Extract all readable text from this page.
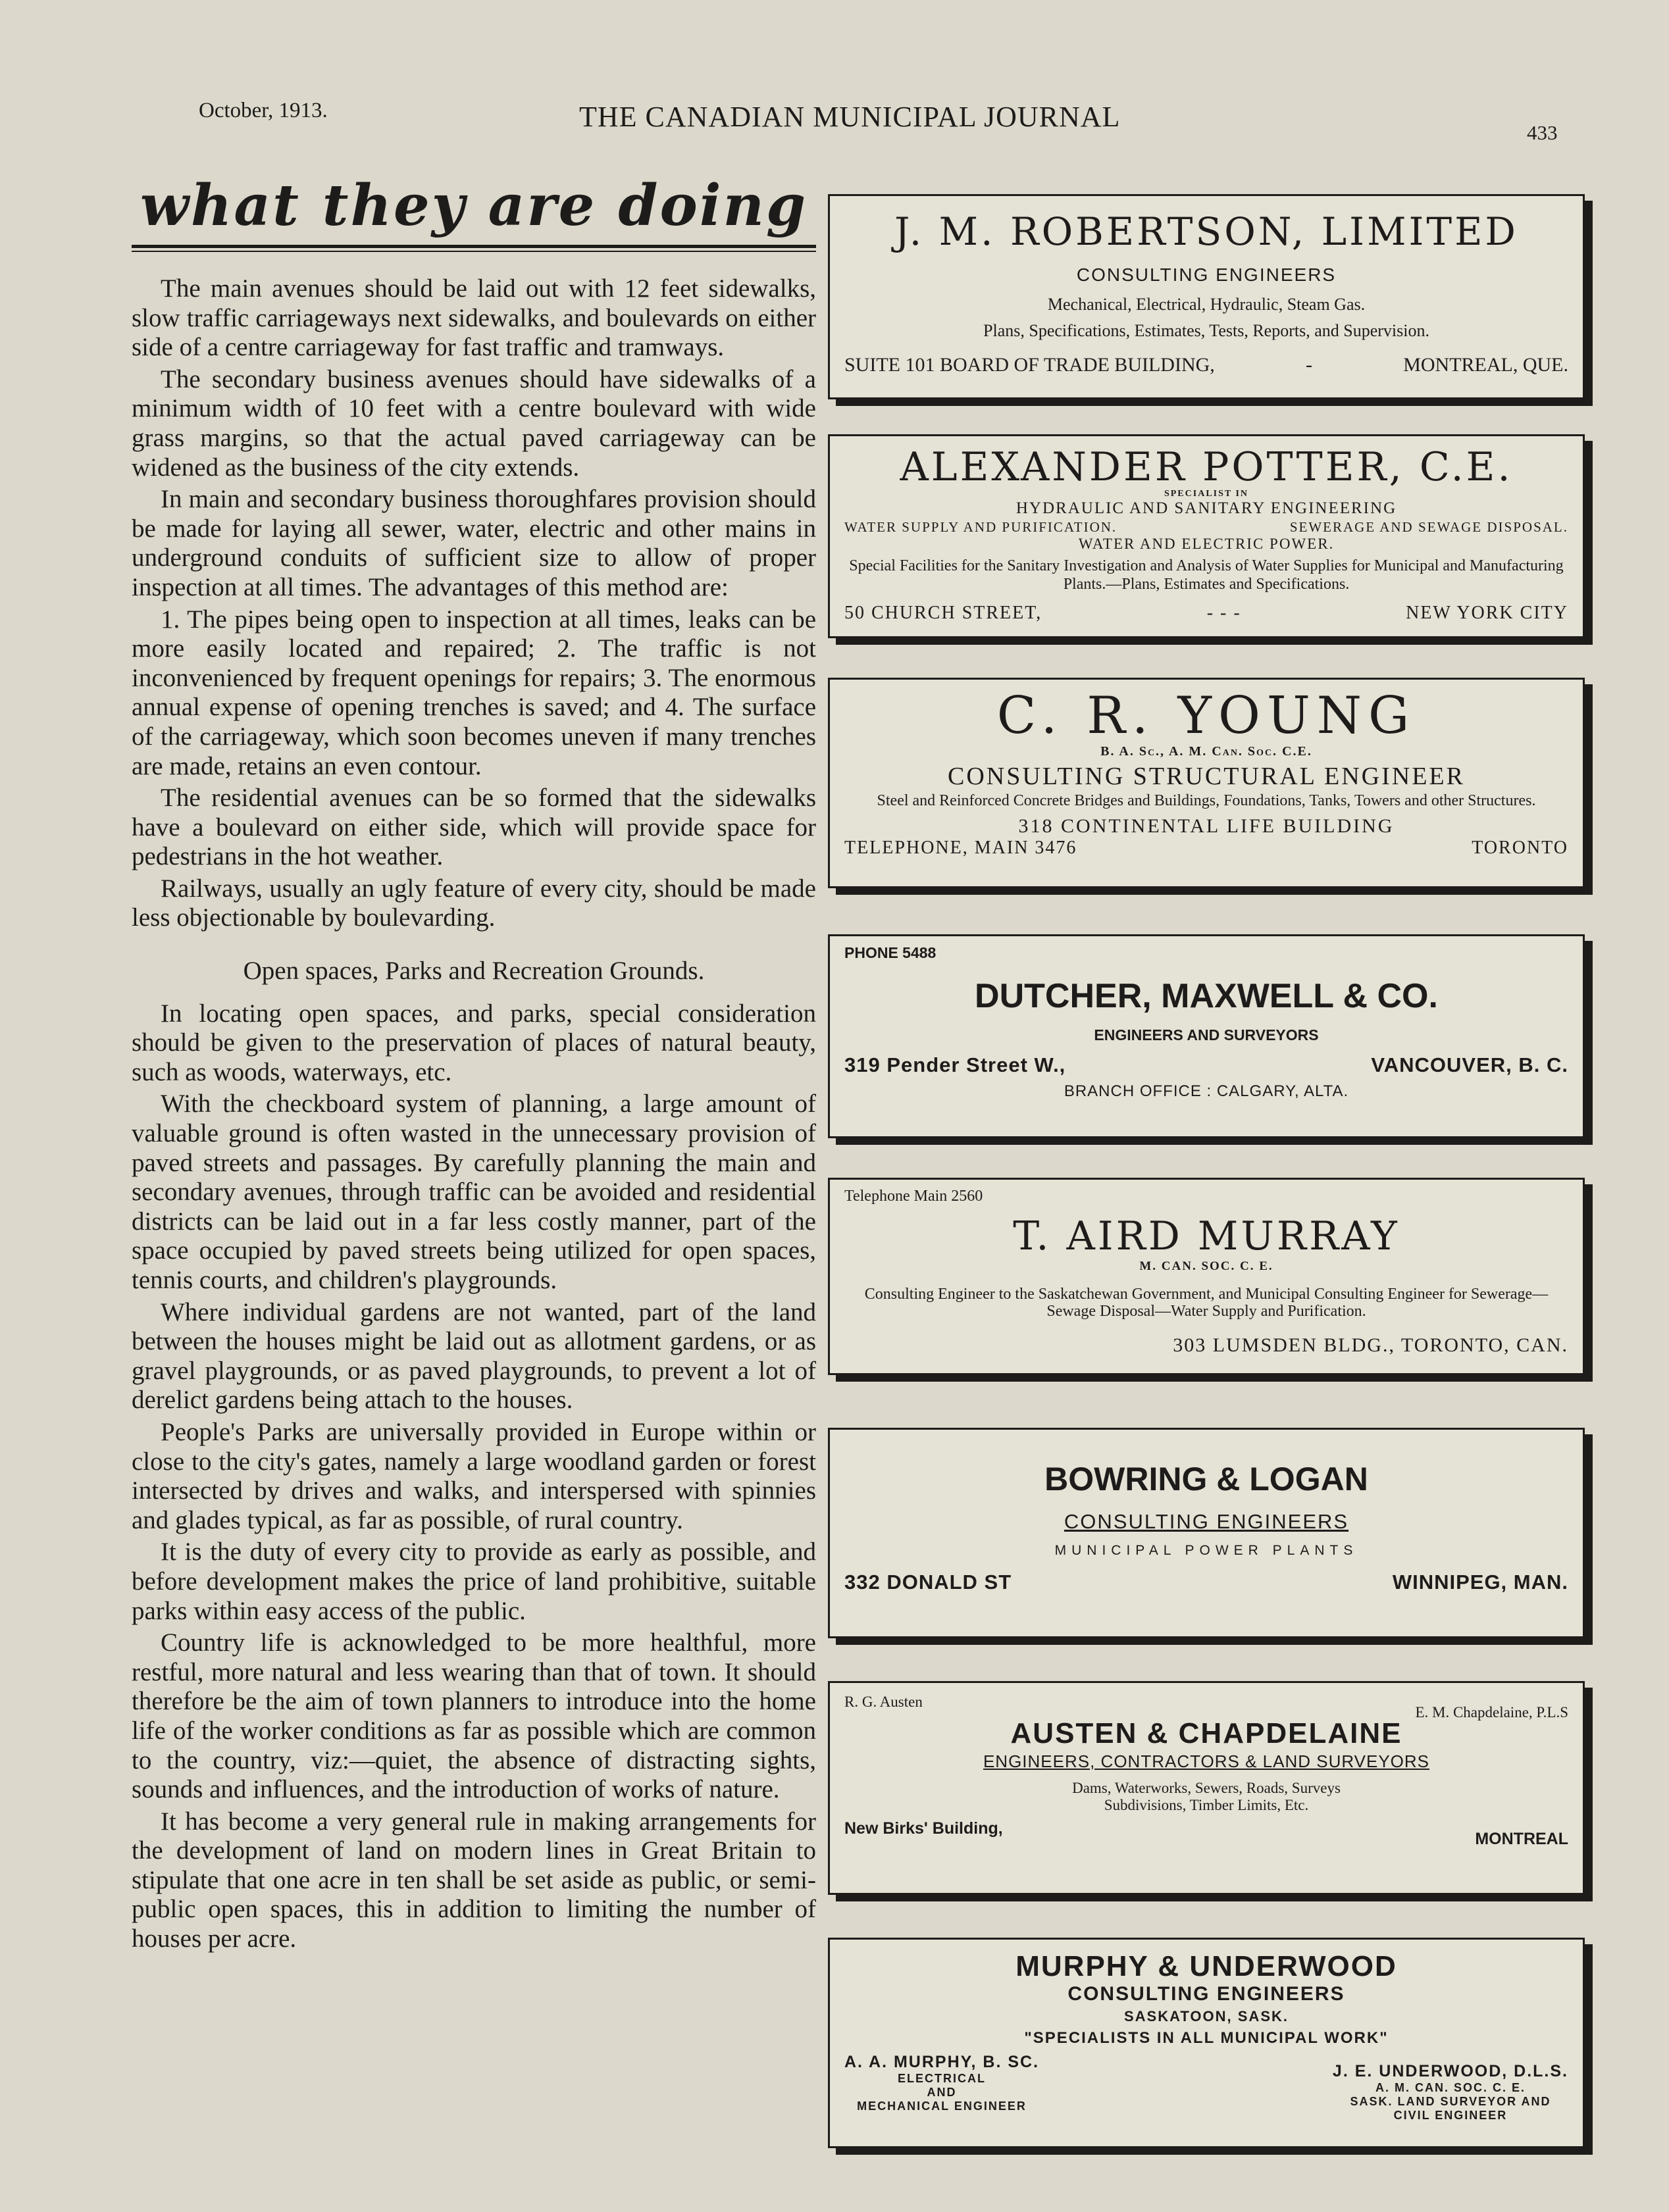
October, 1913.	THE CANADIAN MUNICIPAL JOURNAL	433
what they are doing

The main avenues should be laid out with 12 feet sidewalks, slow traffic carriageways next sidewalks, and boulevards on either side of a centre carriageway for fast traffic and tramways.

The secondary business avenues should have sidewalks of a minimum width of 10 feet with a centre boulevard with wide grass margins, so that the actual paved carriageway can be widened as the business of the city extends.

In main and secondary business thoroughfares provision should be made for laying all sewer, water, electric and other mains in underground conduits of sufficient size to allow of proper inspection at all times. The advantages of this method are:

1. The pipes being open to inspection at all times, leaks can be more easily located and repaired; 2. The traffic is not inconvenienced by frequent openings for repairs; 3. The enormous annual expense of opening trenches is saved; and 4. The surface of the carriageway, which soon becomes uneven if many trenches are made, retains an even contour.

The residential avenues can be so formed that the sidewalks have a boulevard on either side, which will provide space for pedestrians in the hot weather.

Railways, usually an ugly feature of every city, should be made less objectionable by boulevarding.

Open spaces, Parks and Recreation Grounds.

In locating open spaces, and parks, special consideration should be given to the preservation of places of natural beauty, such as woods, waterways, etc.

With the checkboard system of planning, a large amount of valuable ground is often wasted in the unnecessary provision of paved streets and passages. By carefully planning the main and secondary avenues, through traffic can be avoided and residential districts can be laid out in a far less costly manner, part of the space occupied by paved streets being utilized for open spaces, tennis courts, and children's playgrounds.

Where individual gardens are not wanted, part of the land between the houses might be laid out as allotment gardens, or as gravel playgrounds, or as paved playgrounds, to prevent a lot of derelict gardens being attach to the houses.

People's Parks are universally provided in Europe within or close to the city's gates, namely a large woodland garden or forest intersected by drives and walks, and interspersed with spinnies and glades typical, as far as possible, of rural country.

It is the duty of every city to provide as early as possible, and before development makes the price of land prohibitive, suitable parks within easy access of the public.

Country life is acknowledged to be more healthful, more restful, more natural and less wearing than that of town. It should therefore be the aim of town planners to introduce into the home life of the worker conditions as far as possible which are common to the country, viz:—quiet, the absence of distracting sights, sounds and influences, and the introduction of works of nature.

It has become a very general rule in making arrangements for the development of land on modern lines in Great Britain to stipulate that one acre in ten shall be set aside as public, or semi-public open spaces, this in addition to limiting the number of houses per acre.

J. M. ROBERTSON, LIMITED

CONSULTING ENGINEERS

Mechanical, Electrical, Hydraulic, Steam Gas.

Plans, Specifications, Estimates, Tests, Reports, and Supervision.

SUITE 101 BOARD OF TRADE BUILDING,	-	MONTREAL, QUE.

ALEXANDER POTTER, C.E.

SPECIALIST IN

HYDRAULIC AND SANITARY ENGINEERING

WATER SUPPLY AND PURIFICATION.	SEWERAGE AND SEWAGE DISPOSAL.

WATER AND ELECTRIC POWER.

Special Facilities for the Sanitary Investigation and Analysis of Water Supplies for Municipal and Manufacturing Plants.—Plans, Estimates and Specifications.

50 CHURCH STREET,	- - -	NEW YORK CITY

C. R. YOUNG

B. A. Sc., A. M. Can. Soc. C.E.

CONSULTING STRUCTURAL ENGINEER

Steel and Reinforced Concrete Bridges and Buildings, Foundations, Tanks, Towers and other Structures.

318 CONTINENTAL LIFE BUILDING

TELEPHONE, MAIN 3476	TORONTO

PHONE 5488

DUTCHER, MAXWELL & CO.

ENGINEERS AND SURVEYORS

319 Pender Street W.,	VANCOUVER, B. C.

BRANCH OFFICE : CALGARY, ALTA.

Telephone Main 2560

T. AIRD MURRAY

M. CAN. SOC. C. E.

Consulting Engineer to the Saskatchewan Government, and Municipal Consulting Engineer for Sewerage—Sewage Disposal—Water Supply and Purification.

303 LUMSDEN BLDG., TORONTO, CAN.

BOWRING & LOGAN

CONSULTING ENGINEERS

MUNICIPAL POWER PLANTS

332 DONALD ST	WINNIPEG, MAN.
R. G. Austen
E. M. Chapdelaine, P.L.S

AUSTEN & CHAPDELAINE

ENGINEERS, CONTRACTORS & LAND SURVEYORS

Dams, Waterworks, Sewers, Roads, Surveys

Subdivisions, Timber Limits, Etc.

New Birks' Building,
MONTREAL

MURPHY & UNDERWOOD

CONSULTING ENGINEERS

SASKATOON, SASK.

"SPECIALISTS IN ALL MUNICIPAL WORK"

A. A. MURPHY, B. SC.
ELECTRICAL
AND
MECHANICAL ENGINEER
J. E. UNDERWOOD, D.L.S.
A. M. CAN. SOC. C. E.
SASK. LAND SURVEYOR AND
CIVIL ENGINEER
